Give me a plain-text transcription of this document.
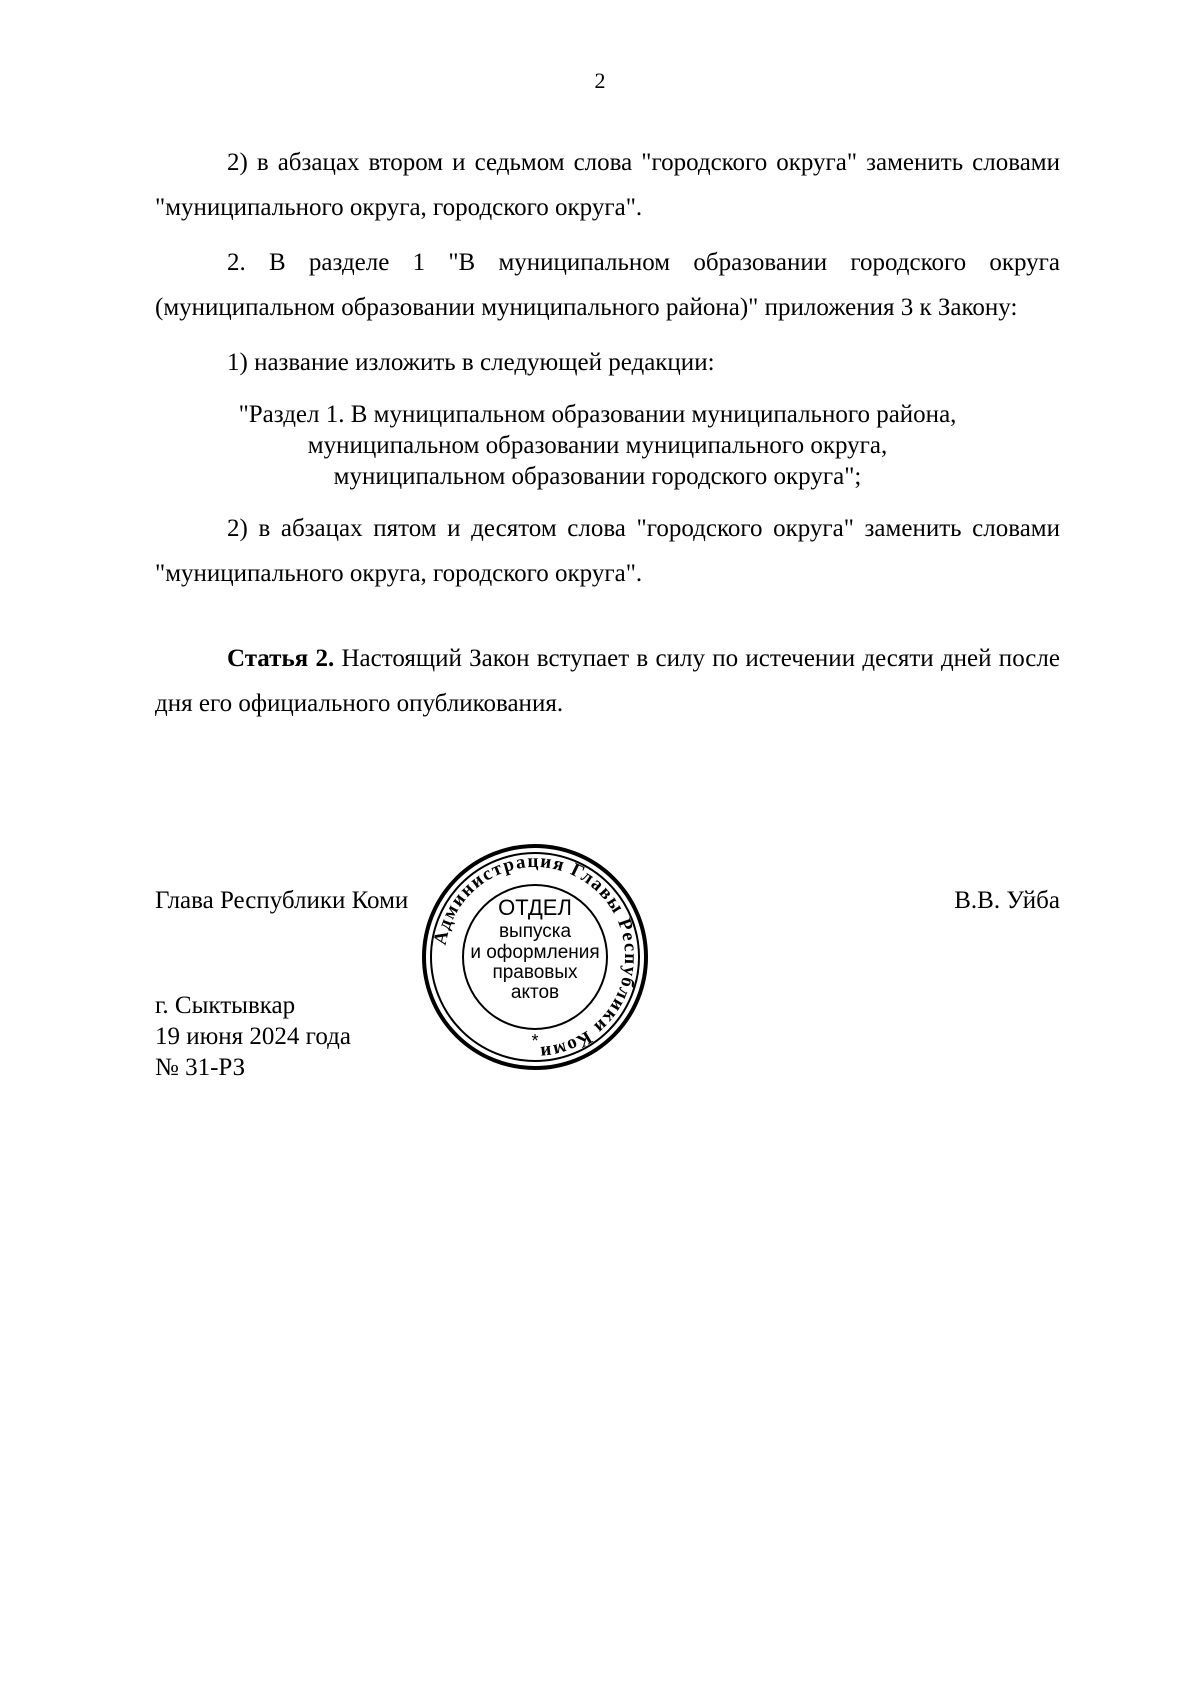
2

2) в абзацах втором и седьмом слова "городского округа" заменить словами "муниципального округа, городского округа".

2. В разделе 1 "В муниципальном образовании городского округа (муниципальном образовании муниципального района)" приложения 3 к Закону:

1) название изложить в следующей редакции:

"Раздел 1. В муниципальном образовании муниципального района,
муниципальном образовании муниципального округа,
муниципальном образовании городского округа";

2) в абзацах пятом и десятом слова "городского округа" заменить словами "муниципального округа, городского округа".

Статья 2. Настоящий Закон вступает в силу по истечении десяти дней после дня его официального опубликования.

Глава Республики Коми	В.В. Уйба
г. Сыктывкар
19 июня 2024 года
№ 31-РЗ
Администрация Главы Республики Коми
ОТДЕЛ
выпуска
и оформления
правовых
актов
*
